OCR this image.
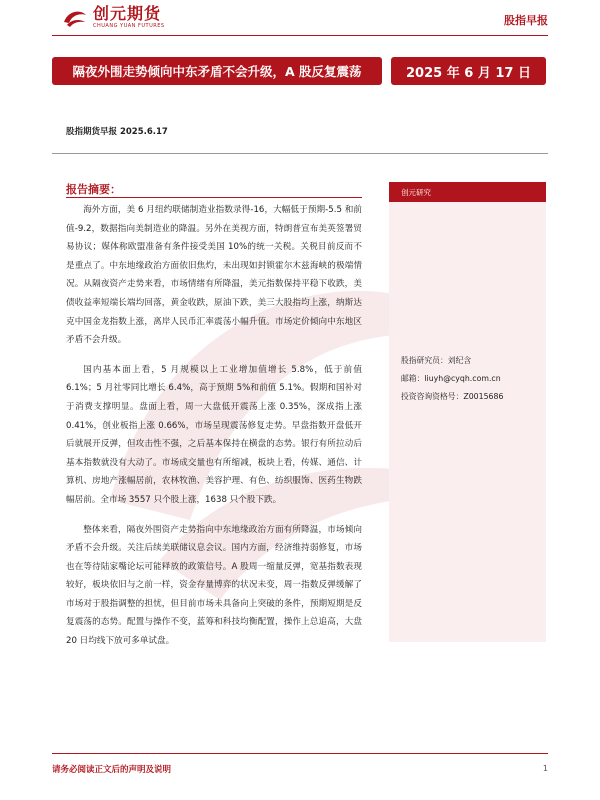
创元期货
CHUANG YUAN FUTURES	股指早报
隔夜外围走势倾向中东矛盾不会升级，A 股反复震荡	2025 年 6 月 17 日
股指期货早报 2025.6.17
报告摘要：

海外方面，美 6 月纽约联储制造业指数录得-16，大幅低于预期-5.5 和前值-9.2，数据指向美制造业的降温。另外在美视方面，特朗普宣布美英签署贸易协议；媒体称欧盟准备有条件接受美国 10%的统一关税。关税目前反而不是重点了。中东地缘政治方面依旧焦灼，未出现如封锁霍尔木兹海峡的极端情况。从隔夜资产走势来看，市场情绪有所降温，美元指数保持平稳下收跌，美债收益率短端长端均回落，黄金收跌，原油下跌，美三大股指均上涨，纳斯达克中国金龙指数上涨，离岸人民币汇率震荡小幅升值。市场定价倾向中东地区矛盾不会升级。

国内基本面上看，5 月规模以上工业增加值增长 5.8%，低于前值 6.1%；5 月社零同比增长 6.4%，高于预期 5%和前值 5.1%。假期和国补对于消费支撑明显。盘面上看，周一大盘低开震荡上涨 0.35%，深成指上涨 0.41%，创业板指上涨 0.66%，市场呈现震荡修复走势。早盘指数开盘低开后就展开反弹，但攻击性不强，之后基本保持在横盘的态势。银行有所拉动后基本指数就没有大动了。市场成交量也有所缩减，板块上看，传媒、通信、计算机、房地产涨幅居前，农林牧渔、美容护理、有色、纺织服饰、医药生物跌幅居前。全市场 3557 只个股上涨，1638 只个股下跌。

整体来看，隔夜外围资产走势指向中东地缘政治方面有所降温，市场倾向矛盾不会升级。关注后续美联储议息会议。国内方面，经济维持弱修复，市场也在等待陆家嘴论坛可能释放的政策信号。A 股周一缩量反弹，宽基指数表现较好，板块依旧与之前一样，资金存量博弈的状况未变，周一指数反弹缓解了市场对于股指调整的担忧，但目前市场未具备向上突破的条件，预期短期是反复震荡的态势。配置与操作不变，蓝筹和科技均衡配置，操作上总追高，大盘 20 日均线下放可多单试盘。

创元研究
股指研究员：刘纪含
邮箱：liuyh@cyqh.com.cn
投资咨询资格号：Z0015686
请务必阅读正文后的声明及说明	1
